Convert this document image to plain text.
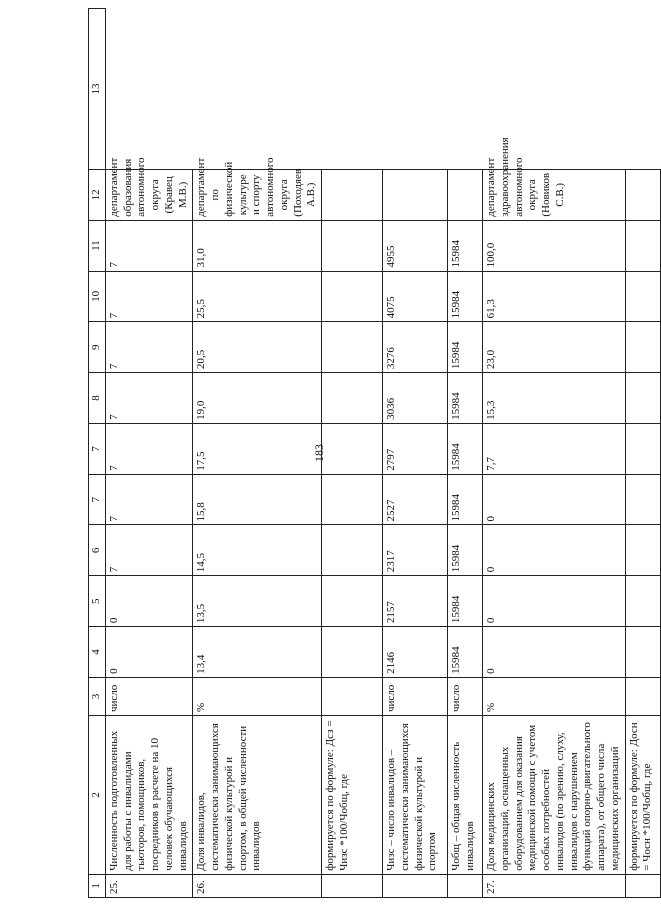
183
1	2	3	4	5	6	7	7	8	9	10	11	12	13
25.	Численность подготовленных для работы с инвалидами тьюторов, помощников, посредников в расчете на 10 человек обучающихся инвалидов	число	0	0	7	7	7	7	7	7	7	департамент образования автономного округа (Кравец М.В.)	
26.	Доля инвалидов, систематически занимающихся физической культурой и спортом, в общей численности инвалидов	%	13,4	13,5	14,5	15,8	17,5	19,0	20,5	25,5	31,0	департамент по физической культуре и спорту автономного округа (Походяев А.В.)	
	формируется по формуле: Дсз = Чизс *100/Чобщ, где												
	Чизс – число инвалидов – систематически занимающихся физической культурой и спортом	число	2146	2157	2317	2527	2797	3036	3276	4075	4955		
	Чобщ – общая численность инвалидов	число	15984	15984	15984	15984	15984	15984	15984	15984	15984		
27.	Доля медицинских организаций, оснащенных оборудованием для оказания медицинской помощи с учетом особых потребностей инвалидов (по зрению, слуху, инвалидов с нарушением функций опорно-двигательного аппарата), от общего числа медицинских организаций	%	0	0	0	0	7,7	15,3	23,0	61,3	100,0	департамент здравоохранения автономного округа (Новиков С.В.)	
	формируется по формуле: Досн = Чосн *100/Чобщ, где												
